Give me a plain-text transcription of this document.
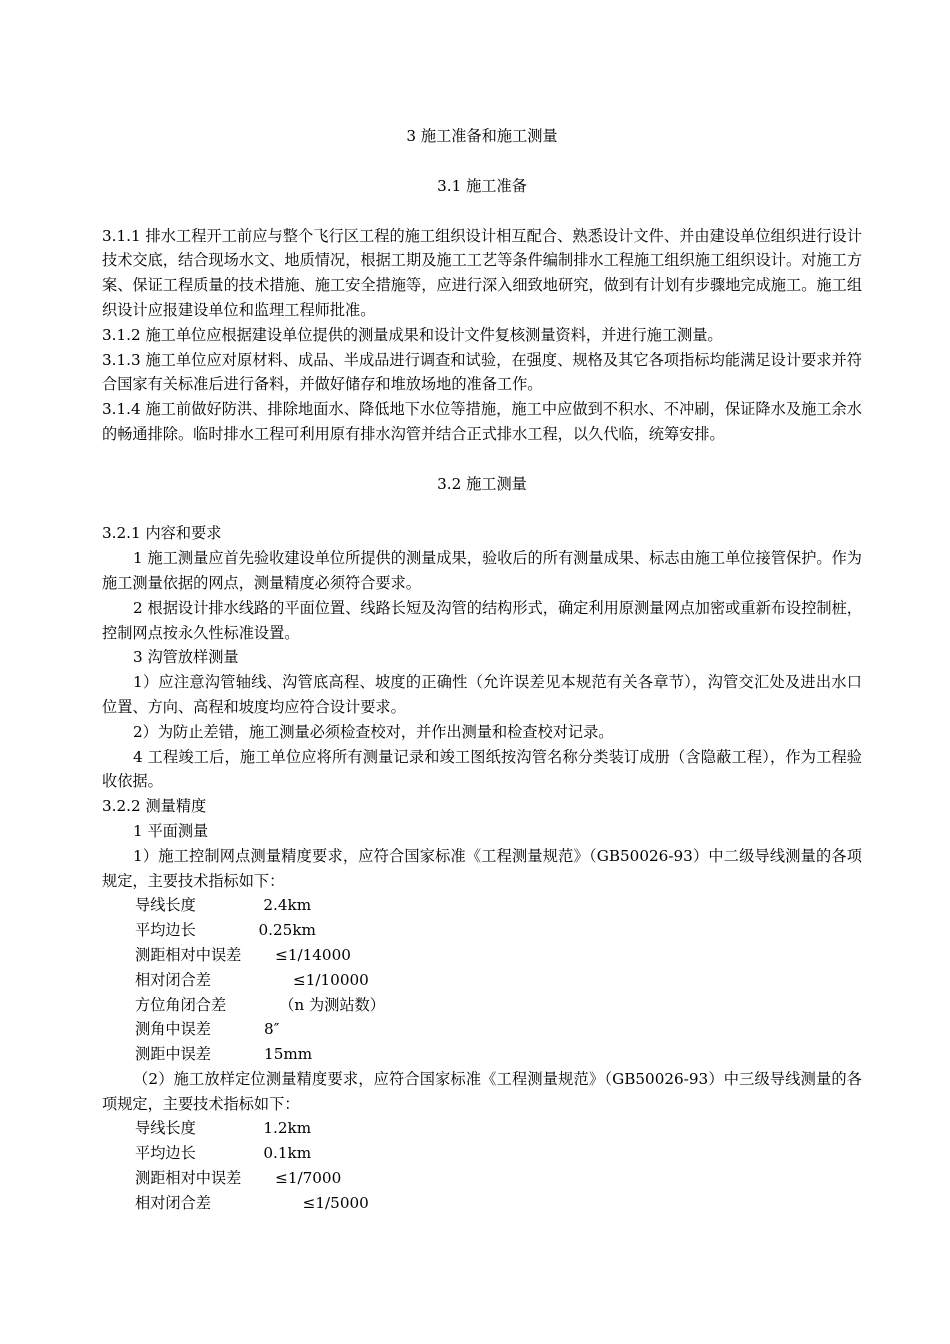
3 施工准备和施工测量

3.1 施工准备

3.1.1 排水工程开工前应与整个飞行区工程的施工组织设计相互配合、熟悉设计文件、并由建设单位组织进行设计技术交底，结合现场水文、地质情况，根据工期及施工工艺等条件编制排水工程施工组织施工组织设计。对施工方案、保证工程质量的技术措施、施工安全措施等，应进行深入细致地研究，做到有计划有步骤地完成施工。施工组织设计应报建设单位和监理工程师批准。

3.1.2 施工单位应根据建设单位提供的测量成果和设计文件复核测量资料，并进行施工测量。

3.1.3 施工单位应对原材料、成品、半成品进行调查和试验，在强度、规格及其它各项指标均能满足设计要求并符合国家有关标准后进行备料，并做好储存和堆放场地的准备工作。

3.1.4 施工前做好防洪、排除地面水、降低地下水位等措施，施工中应做到不积水、不冲刷，保证降水及施工余水的畅通排除。临时排水工程可利用原有排水沟管并结合正式排水工程，以久代临，统筹安排。

3.2 施工测量

3.2.1 内容和要求

1 施工测量应首先验收建设单位所提供的测量成果，验收后的所有测量成果、标志由施工单位接管保护。作为施工测量依据的网点，测量精度必须符合要求。

2 根据设计排水线路的平面位置、线路长短及沟管的结构形式，确定利用原测量网点加密或重新布设控制桩，控制网点按永久性标准设置。

3 沟管放样测量

1）应注意沟管轴线、沟管底高程、坡度的正确性（允许误差见本规范有关各章节），沟管交汇处及进出水口位置、方向、高程和坡度均应符合设计要求。

2）为防止差错，施工测量必须检查校对，并作出测量和检查校对记录。

4 工程竣工后，施工单位应将所有测量记录和竣工图纸按沟管名称分类装订成册（含隐蔽工程），作为工程验收依据。

3.2.2 测量精度

1 平面测量

1）施工控制网点测量精度要求，应符合国家标准《工程测量规范》（GB50026-93）中二级导线测量的各项规定，主要技术指标如下：

导线长度              2.4km

平均边长             0.25km

测距相对中误差       ≤1/14000

相对闭合差                 ≤1/10000

方位角闭合差           （n 为测站数）

测角中误差           8″

测距中误差           15mm

（2）施工放样定位测量精度要求，应符合国家标准《工程测量规范》（GB50026-93）中三级导线测量的各项规定，主要技术指标如下：

导线长度              1.2km

平均边长              0.1km

测距相对中误差       ≤1/7000

相对闭合差                   ≤1/5000
